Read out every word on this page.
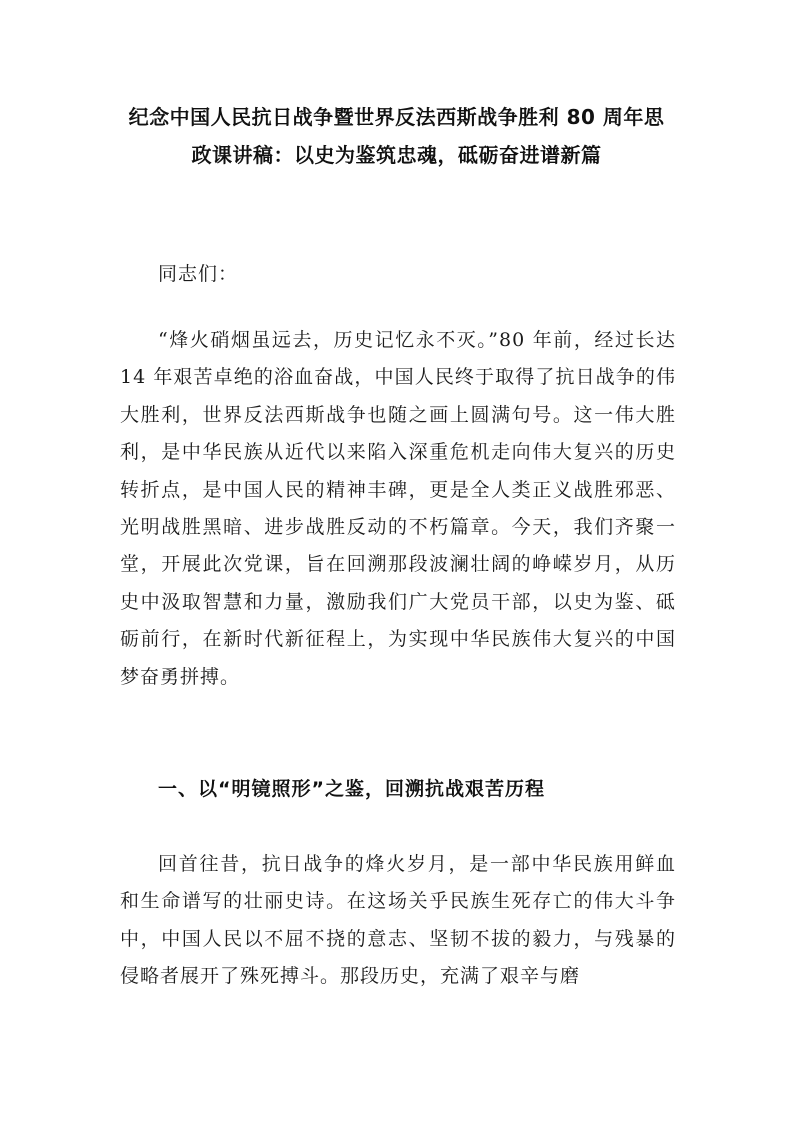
纪念中国人民抗日战争暨世界反法西斯战争胜利 80 周年思
政课讲稿：以史为鉴筑忠魂，砥砺奋进谱新篇
同志们：

“烽火硝烟虽远去，历史记忆永不灭。”80 年前，经过长达 14 年艰苦卓绝的浴血奋战，中国人民终于取得了抗日战争的伟大胜利，世界反法西斯战争也随之画上圆满句号。这一伟大胜利，是中华民族从近代以来陷入深重危机走向伟大复兴的历史转折点，是中国人民的精神丰碑，更是全人类正义战胜邪恶、光明战胜黑暗、进步战胜反动的不朽篇章。今天，我们齐聚一堂，开展此次党课，旨在回溯那段波澜壮阔的峥嵘岁月，从历史中汲取智慧和力量，激励我们广大党员干部，以史为鉴、砥砺前行，在新时代新征程上，为实现中华民族伟大复兴的中国梦奋勇拼搏。

一、以“明镜照形”之鉴，回溯抗战艰苦历程

回首往昔，抗日战争的烽火岁月，是一部中华民族用鲜血和生命谱写的壮丽史诗。在这场关乎民族生死存亡的伟大斗争中，中国人民以不屈不挠的意志、坚韧不拔的毅力，与残暴的侵略者展开了殊死搏斗。那段历史，充满了艰辛与磨
